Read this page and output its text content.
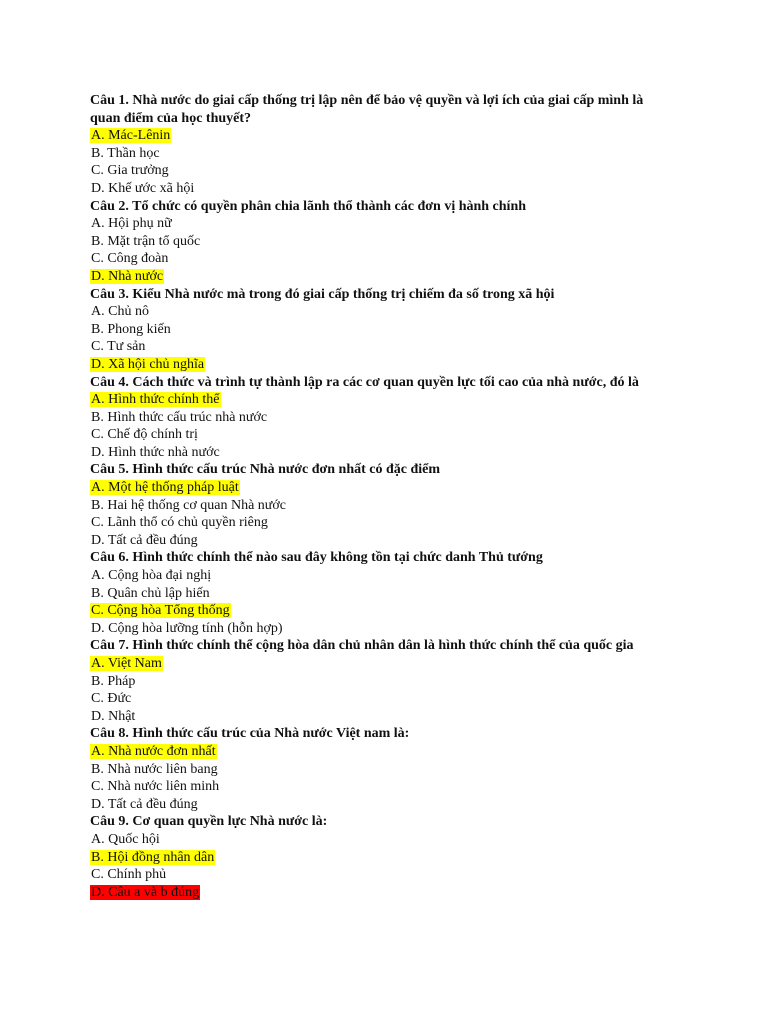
Câu 1. Nhà nước do giai cấp thống trị lập nên để bảo vệ quyền và lợi ích của giai cấp mình là quan điểm của học thuyết?

A. Mác-Lênin

B. Thần học

C. Gia trưởng

D. Khế ước xã hội

Câu 2. Tổ chức có quyền phân chia lãnh thổ thành các đơn vị hành chính

A. Hội phụ nữ

B. Mặt trận tổ quốc

C. Công đoàn

D. Nhà nước

Câu 3. Kiểu Nhà nước mà trong đó giai cấp thống trị chiếm đa số trong xã hội

A. Chủ nô

B. Phong kiến

C. Tư sản

D. Xã hội chủ nghĩa

Câu 4. Cách thức và trình tự thành lập ra các cơ quan quyền lực tối cao của nhà nước, đó là

A. Hình thức chính thể

B. Hình thức cấu trúc nhà nước

C. Chế độ chính trị

D. Hình thức nhà nước

Câu 5. Hình thức cấu trúc Nhà nước đơn nhất có đặc điểm

A. Một hệ thống pháp luật

B. Hai hệ thống cơ quan Nhà nước

C. Lãnh thổ có chủ quyền riêng

D. Tất cả đều đúng

Câu 6. Hình thức chính thể nào sau đây không tồn tại chức danh Thủ tướng

A. Cộng hòa đại nghị

B. Quân chủ lập hiến

C. Cộng hòa Tổng thống

D. Cộng hòa lưỡng tính (hỗn hợp)

Câu 7. Hình thức chính thể cộng hòa dân chủ nhân dân là hình thức chính thể của quốc gia

A. Việt Nam

B. Pháp

C. Đức

D. Nhật

Câu 8. Hình thức cấu trúc của Nhà nước Việt nam là:

A. Nhà nước đơn nhất

B. Nhà nước liên bang

C. Nhà nước liên minh

D. Tất cả đều đúng

Câu 9. Cơ quan quyền lực Nhà nước là:

A. Quốc hội

B. Hội đồng nhân dân

C. Chính phủ

D. Câu a và b đúng
